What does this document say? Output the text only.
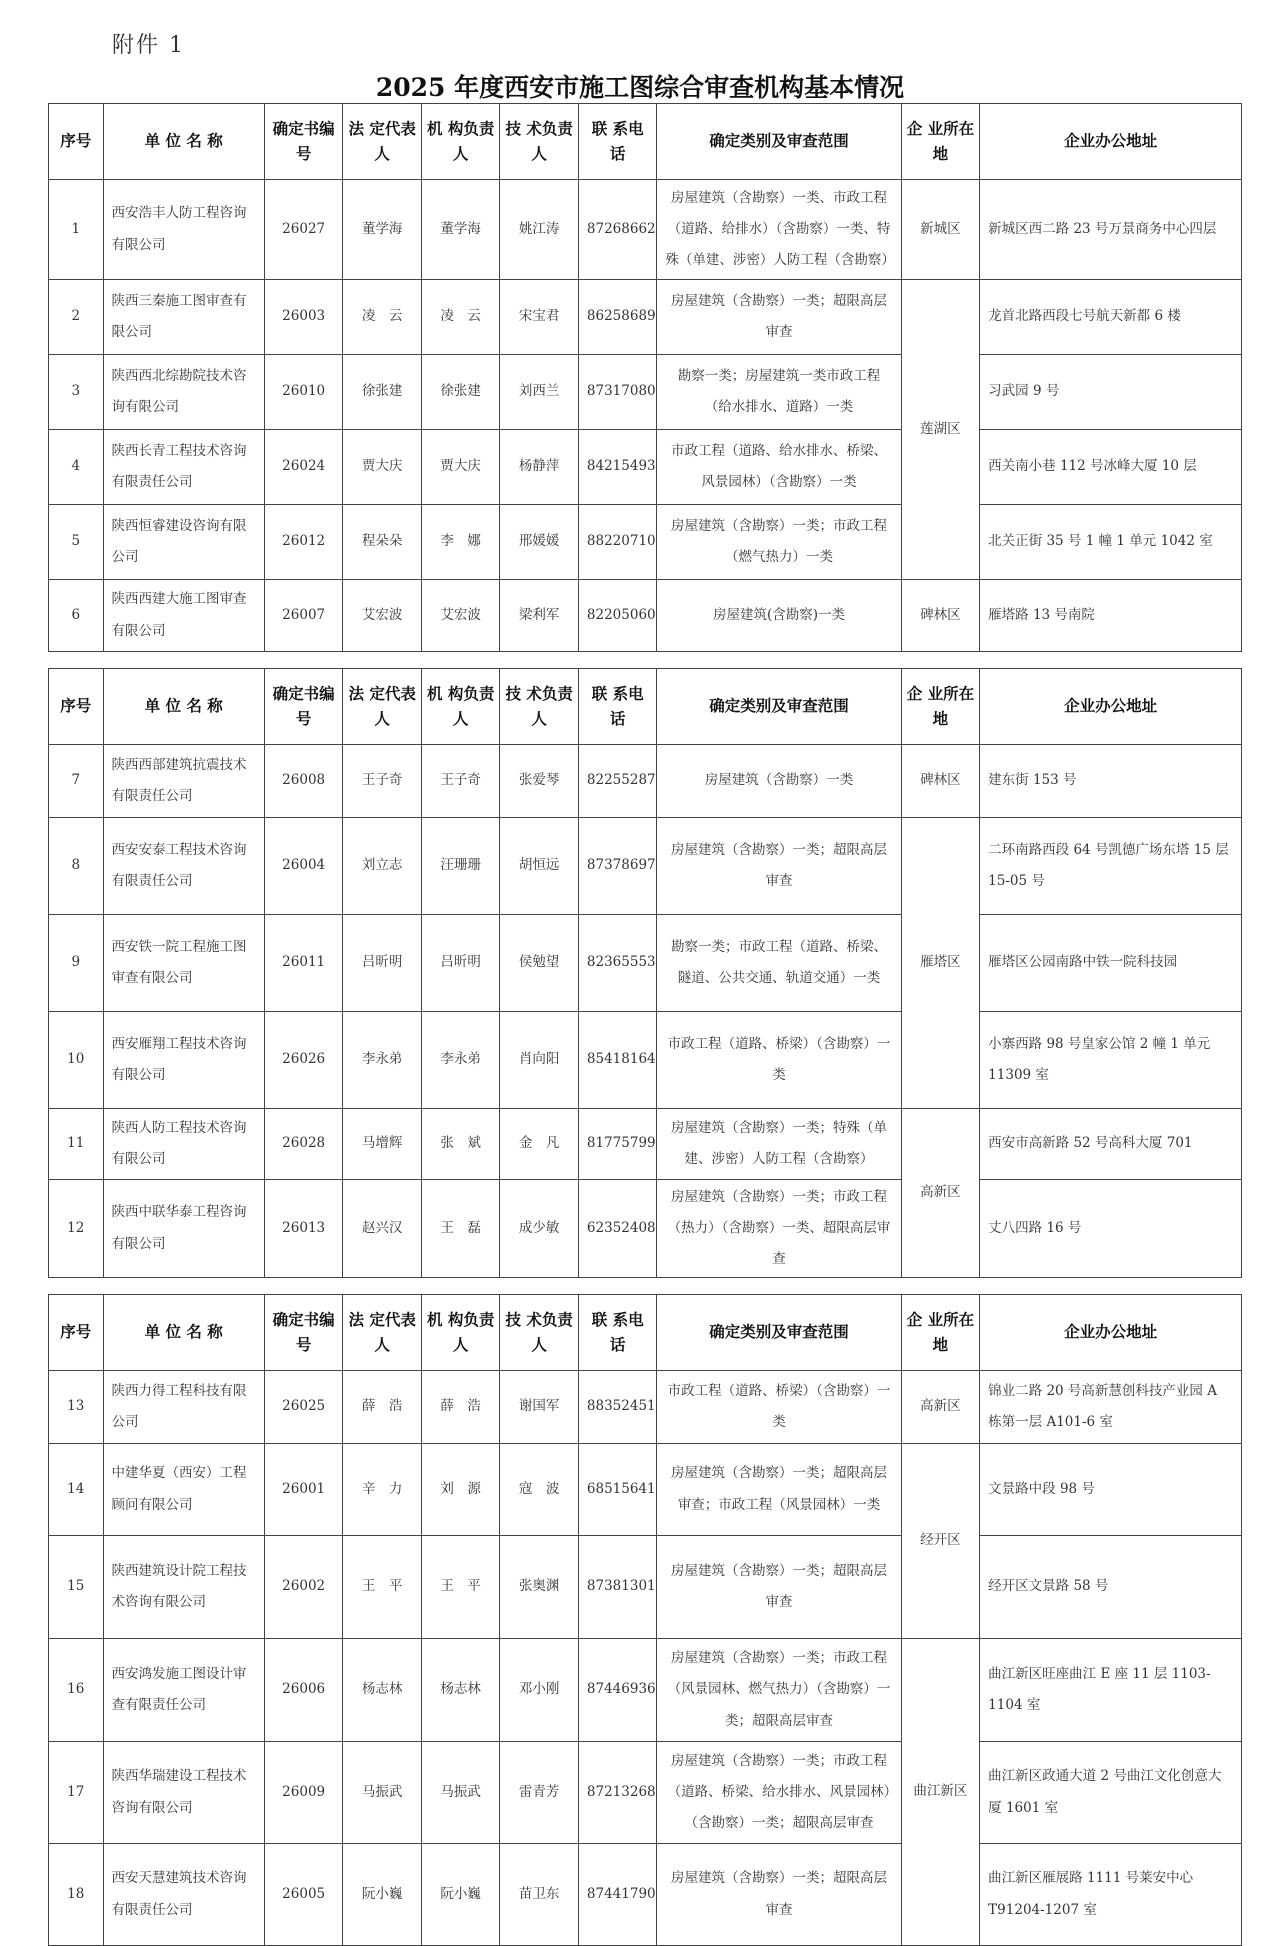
附件 1
2025 年度西安市施工图综合审查机构基本情况
序号	单 位 名 称	确定书编 号	法 定代表人	机 构负责人	技 术负责人	联 系电 话	确定类别及审查范围	企 业所在地	企业办公地址
1	西安浩丰人防工程咨询有限公司	26027	董学海	董学海	姚江涛	87268662	房屋建筑（含勘察）一类、市政工程（道路、给排水）（含勘察）一类、特殊（单建、涉密）人防工程（含勘察）	新城区	新城区西二路 23 号万景商务中心四层
2	陕西三秦施工图审查有限公司	26003	凌　云	凌　云	宋宝君	86258689	房屋建筑（含勘察）一类；超限高层审查	莲湖区	龙首北路西段七号航天新都 6 楼
3	陕西西北综勘院技术咨询有限公司	26010	徐张建	徐张建	刘西兰	87317080	勘察一类；房屋建筑一类市政工程（给水排水、道路）一类		习武园 9 号
4	陕西长青工程技术咨询有限责任公司	26024	贾大庆	贾大庆	杨静萍	84215493	市政工程（道路、给水排水、桥梁、风景园林）（含勘察）一类		西关南小巷 112 号冰峰大厦 10 层
5	陕西恒睿建设咨询有限公司	26012	程朵朵	李　娜	邢媛媛	88220710	房屋建筑（含勘察）一类；市政工程（燃气热力）一类		北关正街 35 号 1 幢 1 单元 1042 室
6	陕西西建大施工图审查有限公司	26007	艾宏波	艾宏波	梁利军	82205060	房屋建筑(含勘察)一类	碑林区	雁塔路 13 号南院
序号	单 位 名 称	确定书编 号	法 定代表人	机 构负责人	技 术负责人	联 系电 话	确定类别及审查范围	企 业所在地	企业办公地址
7	陕西西部建筑抗震技术有限责任公司	26008	王子奇	王子奇	张爱琴	82255287	房屋建筑（含勘察）一类	碑林区	建东街 153 号
8	西安安泰工程技术咨询有限责任公司	26004	刘立志	汪珊珊	胡恒远	87378697	房屋建筑（含勘察）一类；超限高层审查	雁塔区	二环南路西段 64 号凯德广场东塔 15 层 15-05 号
9	西安铁一院工程施工图审查有限公司	26011	吕昕明	吕昕明	侯勉望	82365553	勘察一类；市政工程（道路、桥梁、隧道、公共交通、轨道交通）一类		雁塔区公园南路中铁一院科技园
10	西安雁翔工程技术咨询有限公司	26026	李永弟	李永弟	肖向阳	85418164	市政工程（道路、桥梁）（含勘察）一类		小寨西路 98 号皇家公馆 2 幢 1 单元 11309 室
11	陕西人防工程技术咨询有限公司	26028	马增辉	张　斌	金　凡	81775799	房屋建筑（含勘察）一类；特殊（单建、涉密）人防工程（含勘察）	高新区	西安市高新路 52 号高科大厦 701
12	陕西中联华泰工程咨询有限公司	26013	赵兴汉	王　磊	成少敏	62352408	房屋建筑（含勘察）一类；市政工程（热力）（含勘察）一类、超限高层审查		丈八四路 16 号
序号	单 位 名 称	确定书编 号	法 定代表人	机 构负责人	技 术负责人	联 系电 话	确定类别及审查范围	企 业所在地	企业办公地址
13	陕西力得工程科技有限公司	26025	薛　浩	薛　浩	谢国军	88352451	市政工程（道路、桥梁）（含勘察）一类	高新区	锦业二路 20 号高新慧创科技产业园 A 栋第一层 A101-6 室
14	中建华夏（西安）工程顾问有限公司	26001	辛　力	刘　源	寇　波	68515641	房屋建筑（含勘察）一类；超限高层审查；市政工程（风景园林）一类	经开区	文景路中段 98 号
15	陕西建筑设计院工程技术咨询有限公司	26002	王　平	王　平	张奥渊	87381301	房屋建筑（含勘察）一类；超限高层审查		经开区文景路 58 号
16	西安鸿发施工图设计审查有限责任公司	26006	杨志林	杨志林	邓小刚	87446936	房屋建筑（含勘察）一类；市政工程（风景园林、燃气热力）（含勘察）一类；超限高层审查	曲江新区	曲江新区旺座曲江 E 座 11 层 1103-1104 室
17	陕西华瑞建设工程技术咨询有限公司	26009	马振武	马振武	雷青芳	87213268	房屋建筑（含勘察）一类；市政工程（道路、桥梁、给水排水、风景园林）（含勘察）一类；超限高层审查		曲江新区政通大道 2 号曲江文化创意大厦 1601 室
18	西安天慧建筑技术咨询有限责任公司	26005	阮小巍	阮小巍	苗卫东	87441790	房屋建筑（含勘察）一类；超限高层审查		曲江新区雁展路 1111 号莱安中心 T91204-1207 室
